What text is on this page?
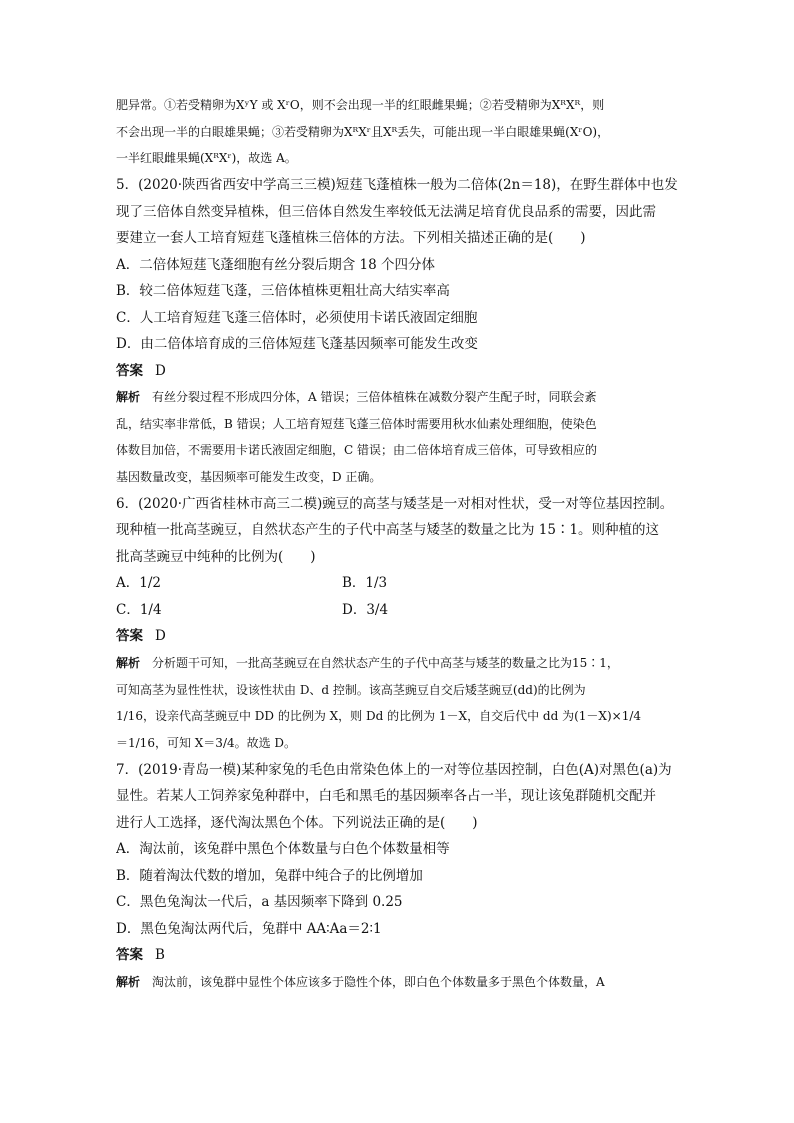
肥异常。①若受精卵为XʸY 或 XʳO，则不会出现一半的红眼雌果蝇；②若受精卵为XᴿXᴿ，则
不会出现一半的白眼雄果蝇；③若受精卵为XᴿXʳ且Xᴿ丢失，可能出现一半白眼雄果蝇(XʳO)，
一半红眼雌果蝇(XᴿXʳ)，故选 A。
5．(2020·陕西省西安中学高三三模)短莛飞蓬植株一般为二倍体(2n＝18)，在野生群体中也发
现了三倍体自然变异植株，但三倍体自然发生率较低无法满足培育优良品系的需要，因此需
要建立一套人工培育短莛飞蓬植株三倍体的方法。下列相关描述正确的是(　　)
A．二倍体短莛飞蓬细胞有丝分裂后期含 18 个四分体
B．较二倍体短莛飞蓬，三倍体植株更粗壮高大结实率高
C．人工培育短莛飞蓬三倍体时，必须使用卡诺氏液固定细胞
D．由二倍体培育成的三倍体短莛飞蓬基因频率可能发生改变
答案 D
解析 有丝分裂过程不形成四分体，A 错误；三倍体植株在减数分裂产生配子时，同联会紊
乱，结实率非常低，B 错误；人工培育短莛飞蓬三倍体时需要用秋水仙素处理细胞，使染色
体数目加倍，不需要用卡诺氏液固定细胞，C 错误；由二倍体培育成三倍体，可导致相应的
基因数量改变，基因频率可能发生改变，D 正确。
6．(2020·广西省桂林市高三二模)豌豆的高茎与矮茎是一对相对性状，受一对等位基因控制。
现种植一批高茎豌豆，自然状态产生的子代中高茎与矮茎的数量之比为 15∶1。则种植的这
批高茎豌豆中纯种的比例为(　　)
A．1/2	B．1/3
C．1/4	D．3/4
答案 D
解析 分析题干可知，一批高茎豌豆在自然状态产生的子代中高茎与矮茎的数量之比为15∶1，
可知高茎为显性性状，设该性状由 D、d 控制。该高茎豌豆自交后矮茎豌豆(dd)的比例为
1/16，设亲代高茎豌豆中 DD 的比例为 X，则 Dd 的比例为 1－X，自交后代中 dd 为(1－X)×1/4
＝1/16，可知 X＝3/4。故选 D。
7．(2019·青岛一模)某种家兔的毛色由常染色体上的一对等位基因控制，白色(A)对黑色(a)为
显性。若某人工饲养家兔种群中，白毛和黑毛的基因频率各占一半，现让该兔群随机交配并
进行人工选择，逐代淘汰黑色个体。下列说法正确的是(　　)
A．淘汰前，该兔群中黑色个体数量与白色个体数量相等
B．随着淘汰代数的增加，兔群中纯合子的比例增加
C．黑色兔淘汰一代后，a 基因频率下降到 0.25
D．黑色兔淘汰两代后，兔群中 AA∶Aa＝2∶1
答案 B
解析 淘汰前，该兔群中显性个体应该多于隐性个体，即白色个体数量多于黑色个体数量，A
